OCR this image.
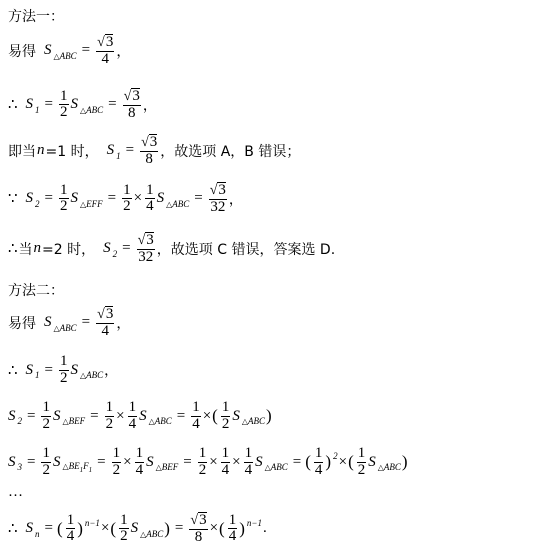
方法一：
易得 S △ABC = $\frac{√ 3}{4}$ ，
∴ S $1 = \frac{1}{2}$ S △ABC = $\frac{√ 3}{8}$ ，
即当 n =1 时， S $1 = \frac{√ 3}{8}$ ，故选项 A，B 错误；
∵ S $2 = \frac{1}{2}$ S △EFF = $\frac{1}{2} \times \frac{1}{4}$ S △ABC = $\frac{√ 3}{32}$ ，
∴ 当 n =2 时， S $2 = \frac{√ 3}{32}$ ，故选项 C 错误，答案选 D.
方法二：
易得 S △ABC = $\frac{√ 3}{4}$ ，
∴ S $1 = \frac{1}{2}$ S △ABC ，
S $2 = \frac{1}{2}$ S △BEF = $\frac{1}{2} \times \frac{1}{4}$ S △ABC = $\frac{1}{4}$ × ( $\frac{1}{2}$ S △ABC )
S $3 = \frac{1}{2}$ S $\triangle BE_1F_1 = \frac{1}{2} \times \frac{1}{4}$ S △BEF = $\frac{1}{2} \times \frac{1}{4} \times \frac{1}{4}$ S △ABC = ( $\frac{1}{4}$ ) 2 × ( $\frac{1}{2}$ S △ABC )
…
∴ S n = ( $\frac{1}{4}$ ) n−1 × ( $\frac{1}{2}$ S △ABC ) = $\frac{√ 3}{8}$ × ( $\frac{1}{4}$ ) n−1 .
